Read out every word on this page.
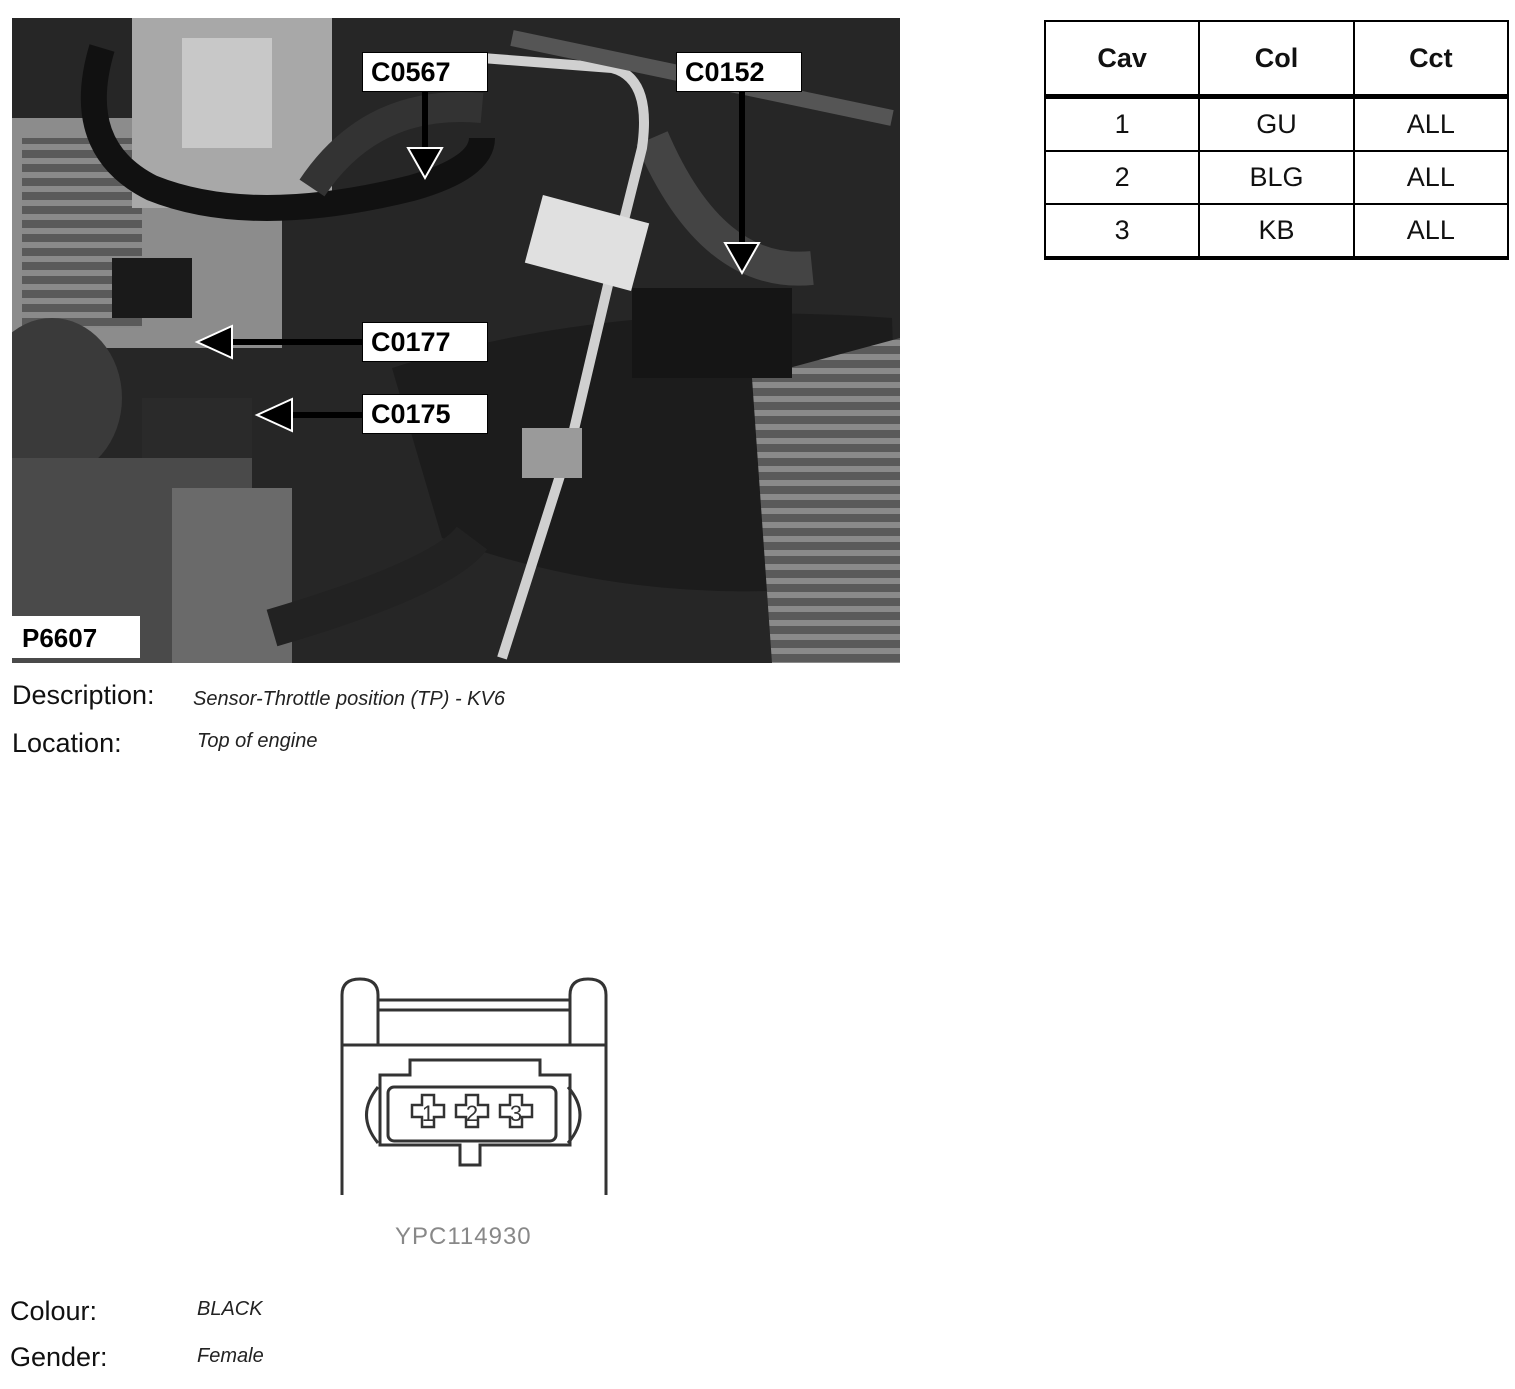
C0567	C0152
C0177
C0175
P6607
Description: Sensor-Throttle position (TP) - KV6
Location:	Top of engine
Cav	Col	Cct
1	GU	ALL
2	BLG	ALL
3	KB	ALL
1 2 3
YPC114930
Colour:	BLACK
Gender:	Female
